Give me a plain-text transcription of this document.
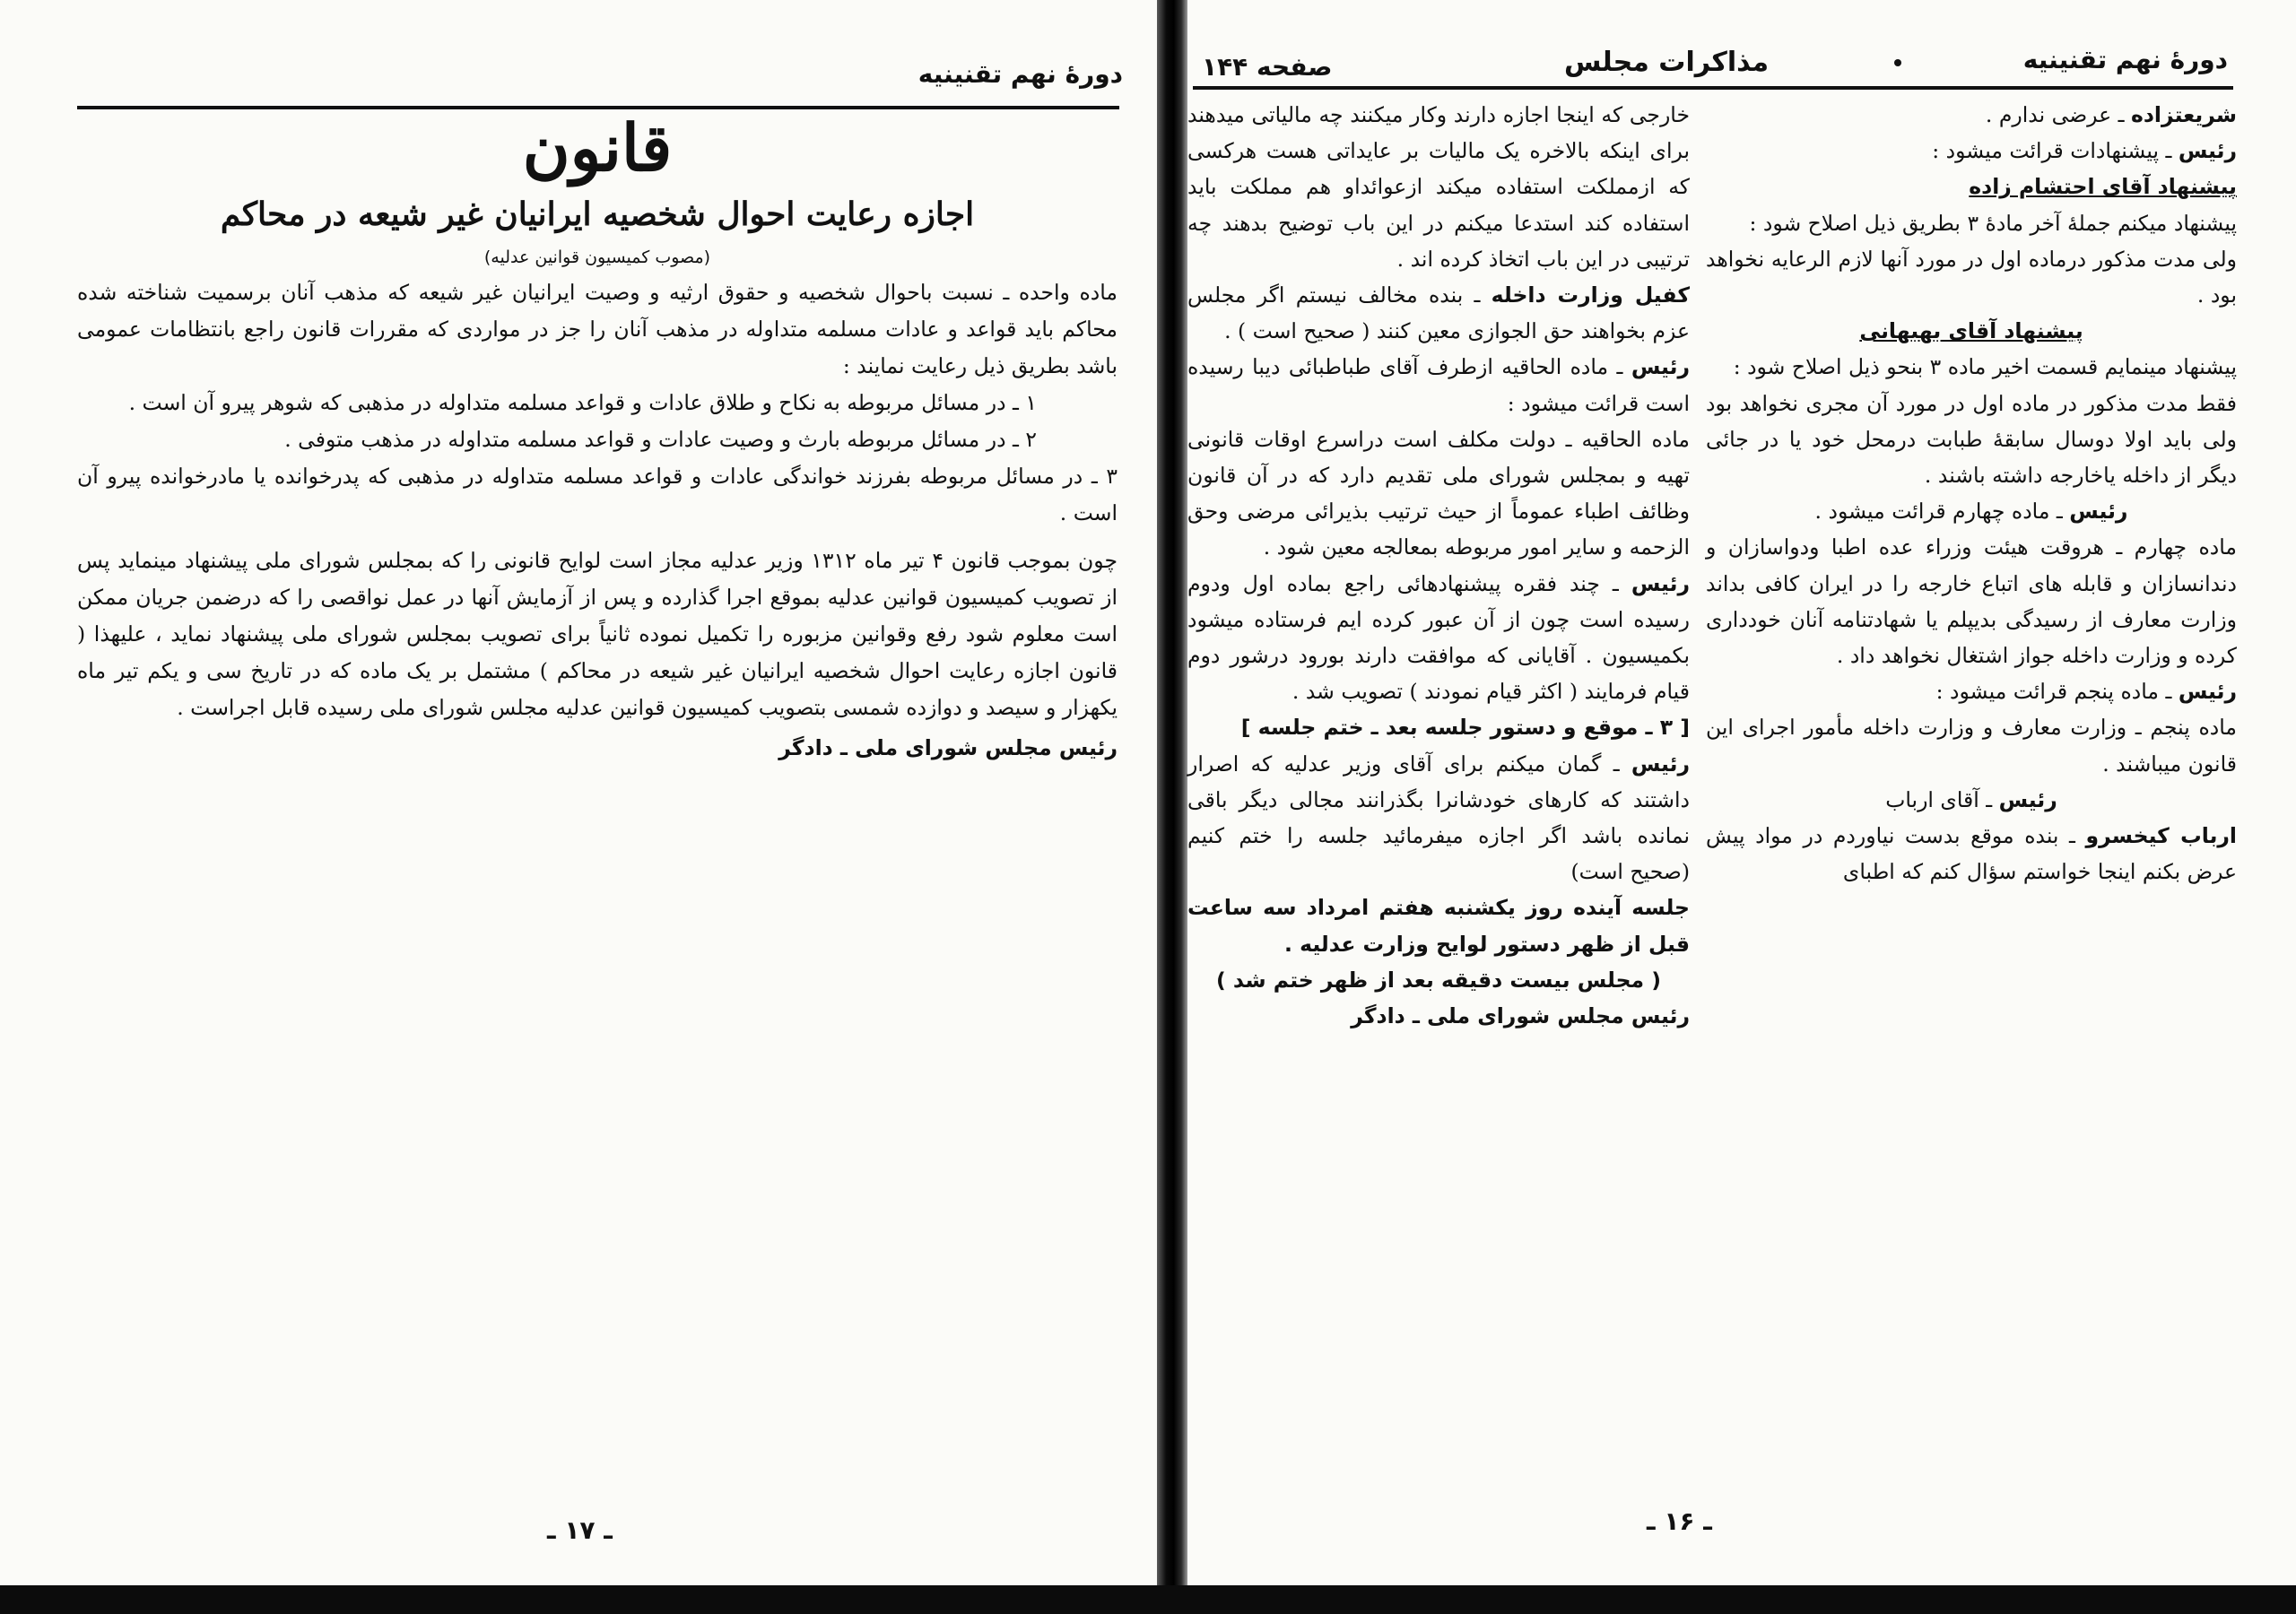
دورهٔ نهم تقنینیه
قانون
اجازه رعایت احوال شخصیه ایرانیان غیر شیعه در محاکم
(مصوب کمیسیون قوانین عدلیه)

ماده واحده ـ نسبت باحوال شخصیه و حقوق ارثیه و وصیت ایرانیان غیر شیعه که مذهب آنان برسمیت شناخته شده محاکم باید قواعد و عادات مسلمه متداوله در مذهب آنان را جز در مواردی که مقررات قانون راجع بانتظامات عمومی باشد بطریق ذیل رعایت نمایند :

۱ ـ در مسائل مربوطه به نکاح و طلاق عادات و قواعد مسلمه متداوله در مذهبی که شوهر پیرو آن است .

۲ ـ در مسائل مربوطه بارث و وصیت عادات و قواعد مسلمه متداوله در مذهب متوفی .

۳ ـ در مسائل مربوطه بفرزند خواندگی عادات و قواعد مسلمه متداوله در مذهبی که پدرخوانده یا مادرخوانده پیرو آن است .

چون بموجب قانون ۴ تیر ماه ۱۳۱۲ وزیر عدلیه مجاز است لوایح قانونی را که بمجلس شورای ملی پیشنهاد مینماید پس از تصویب کمیسیون قوانین عدلیه بموقع اجرا گذارده و پس از آزمایش آنها در عمل نواقصی را که درضمن جریان ممکن است معلوم شود رفع وقوانین مزبوره را تکمیل نموده ثانیاً برای تصویب بمجلس شورای ملی پیشنهاد نماید ، علیهذا ( قانون اجازه رعایت احوال شخصیه ایرانیان غیر شیعه در محاکم ) مشتمل بر یک ماده که در تاریخ سی و یکم تیر ماه یکهزار و سیصد و دوازده شمسی بتصویب کمیسیون قوانین عدلیه مجلس شورای ملی رسیده قابل اجراست .

رئیس مجلس شورای ملی ـ دادگر

ـ ۱۷ ـ
دورهٔ نهم تقنینیه
مذاکرات مجلس
صفحه ۱۴۴

شریعتزاده ـ عرضی ندارم .

رئیس ـ پیشنهادات قرائت میشود :

پیشنهاد آقای احتشام زاده

پیشنهاد میکنم جملهٔ آخر مادهٔ ۳ بطریق ذیل اصلاح شود :

ولی مدت مذکور درماده اول در مورد آنها لازم الرعایه نخواهد بود .

پیشنهاد آقای بهبهانی

پیشنهاد مینمایم قسمت اخیر ماده ۳ بنحو ذیل اصلاح شود :

فقط مدت مذکور در ماده اول در مورد آن مجری نخواهد بود ولی باید اولا دوسال سابقهٔ طبابت درمحل خود یا در جائی دیگر از داخله یاخارجه داشته باشند .

رئیس ـ ماده چهارم قرائت میشود .

ماده چهارم ـ هروقت هیئت وزراء عده اطبا ودواسازان و دندانسازان و قابله های اتباع خارجه را در ایران کافی بداند وزارت معارف از رسیدگی بدیپلم یا شهادتنامه آنان خودداری کرده و وزارت داخله جواز اشتغال نخواهد داد .

رئیس ـ ماده پنجم قرائت میشود :

ماده پنجم ـ وزارت معارف و وزارت داخله مأمور اجرای این قانون میباشند .

رئیس ـ آقای ارباب

ارباب کیخسرو ـ بنده موقع بدست نیاوردم در مواد پیش عرض بکنم اینجا خواستم سؤال کنم که اطبای

خارجی که اینجا اجازه دارند وکار میکنند چه مالیاتی میدهند برای اینکه بالاخره یک مالیات بر عایداتی هست هرکسی که ازمملکت استفاده میکند ازعوائداو هم مملکت باید استفاده کند استدعا میکنم در این باب توضیح بدهند چه ترتیبی در این باب اتخاذ کرده اند .

کفیل وزارت داخله ـ بنده مخالف نیستم اگر مجلس عزم بخواهند حق الجوازی معین کنند ( صحیح است ) .

رئیس ـ ماده الحاقیه ازطرف آقای طباطبائی دیبا رسیده است قرائت میشود :

ماده الحاقیه ـ دولت مکلف است دراسرع اوقات قانونی تهیه و بمجلس شورای ملی تقدیم دارد که در آن قانون وظائف اطباء عموماً از حیث ترتیب بذیرائی مرضی وحق الزحمه و سایر امور مربوطه بمعالجه معین شود .

رئیس ـ چند فقره پیشنهادهائی راجع بماده اول ودوم رسیده است چون از آن عبور کرده ایم فرستاده میشود بکمیسیون . آقایانی که موافقت دارند بورود درشور دوم قیام فرمایند ( اکثر قیام نمودند ) تصویب شد .

[ ۳ ـ موقع و دستور جلسه بعد ـ ختم جلسه ]

رئیس ـ گمان میکنم برای آقای وزیر عدلیه که اصرار داشتند که کارهای خودشانرا بگذرانند مجالی دیگر باقی نمانده باشد اگر اجازه میفرمائید جلسه را ختم کنیم (صحیح است)

جلسه آینده روز یکشنبه هفتم امرداد سه ساعت قبل از ظهر دستور لوایح وزارت عدلیه .

( مجلس بیست دقیقه بعد از ظهر ختم شد )

رئیس مجلس شورای ملی ـ دادگر

ـ ۱۶ ـ
